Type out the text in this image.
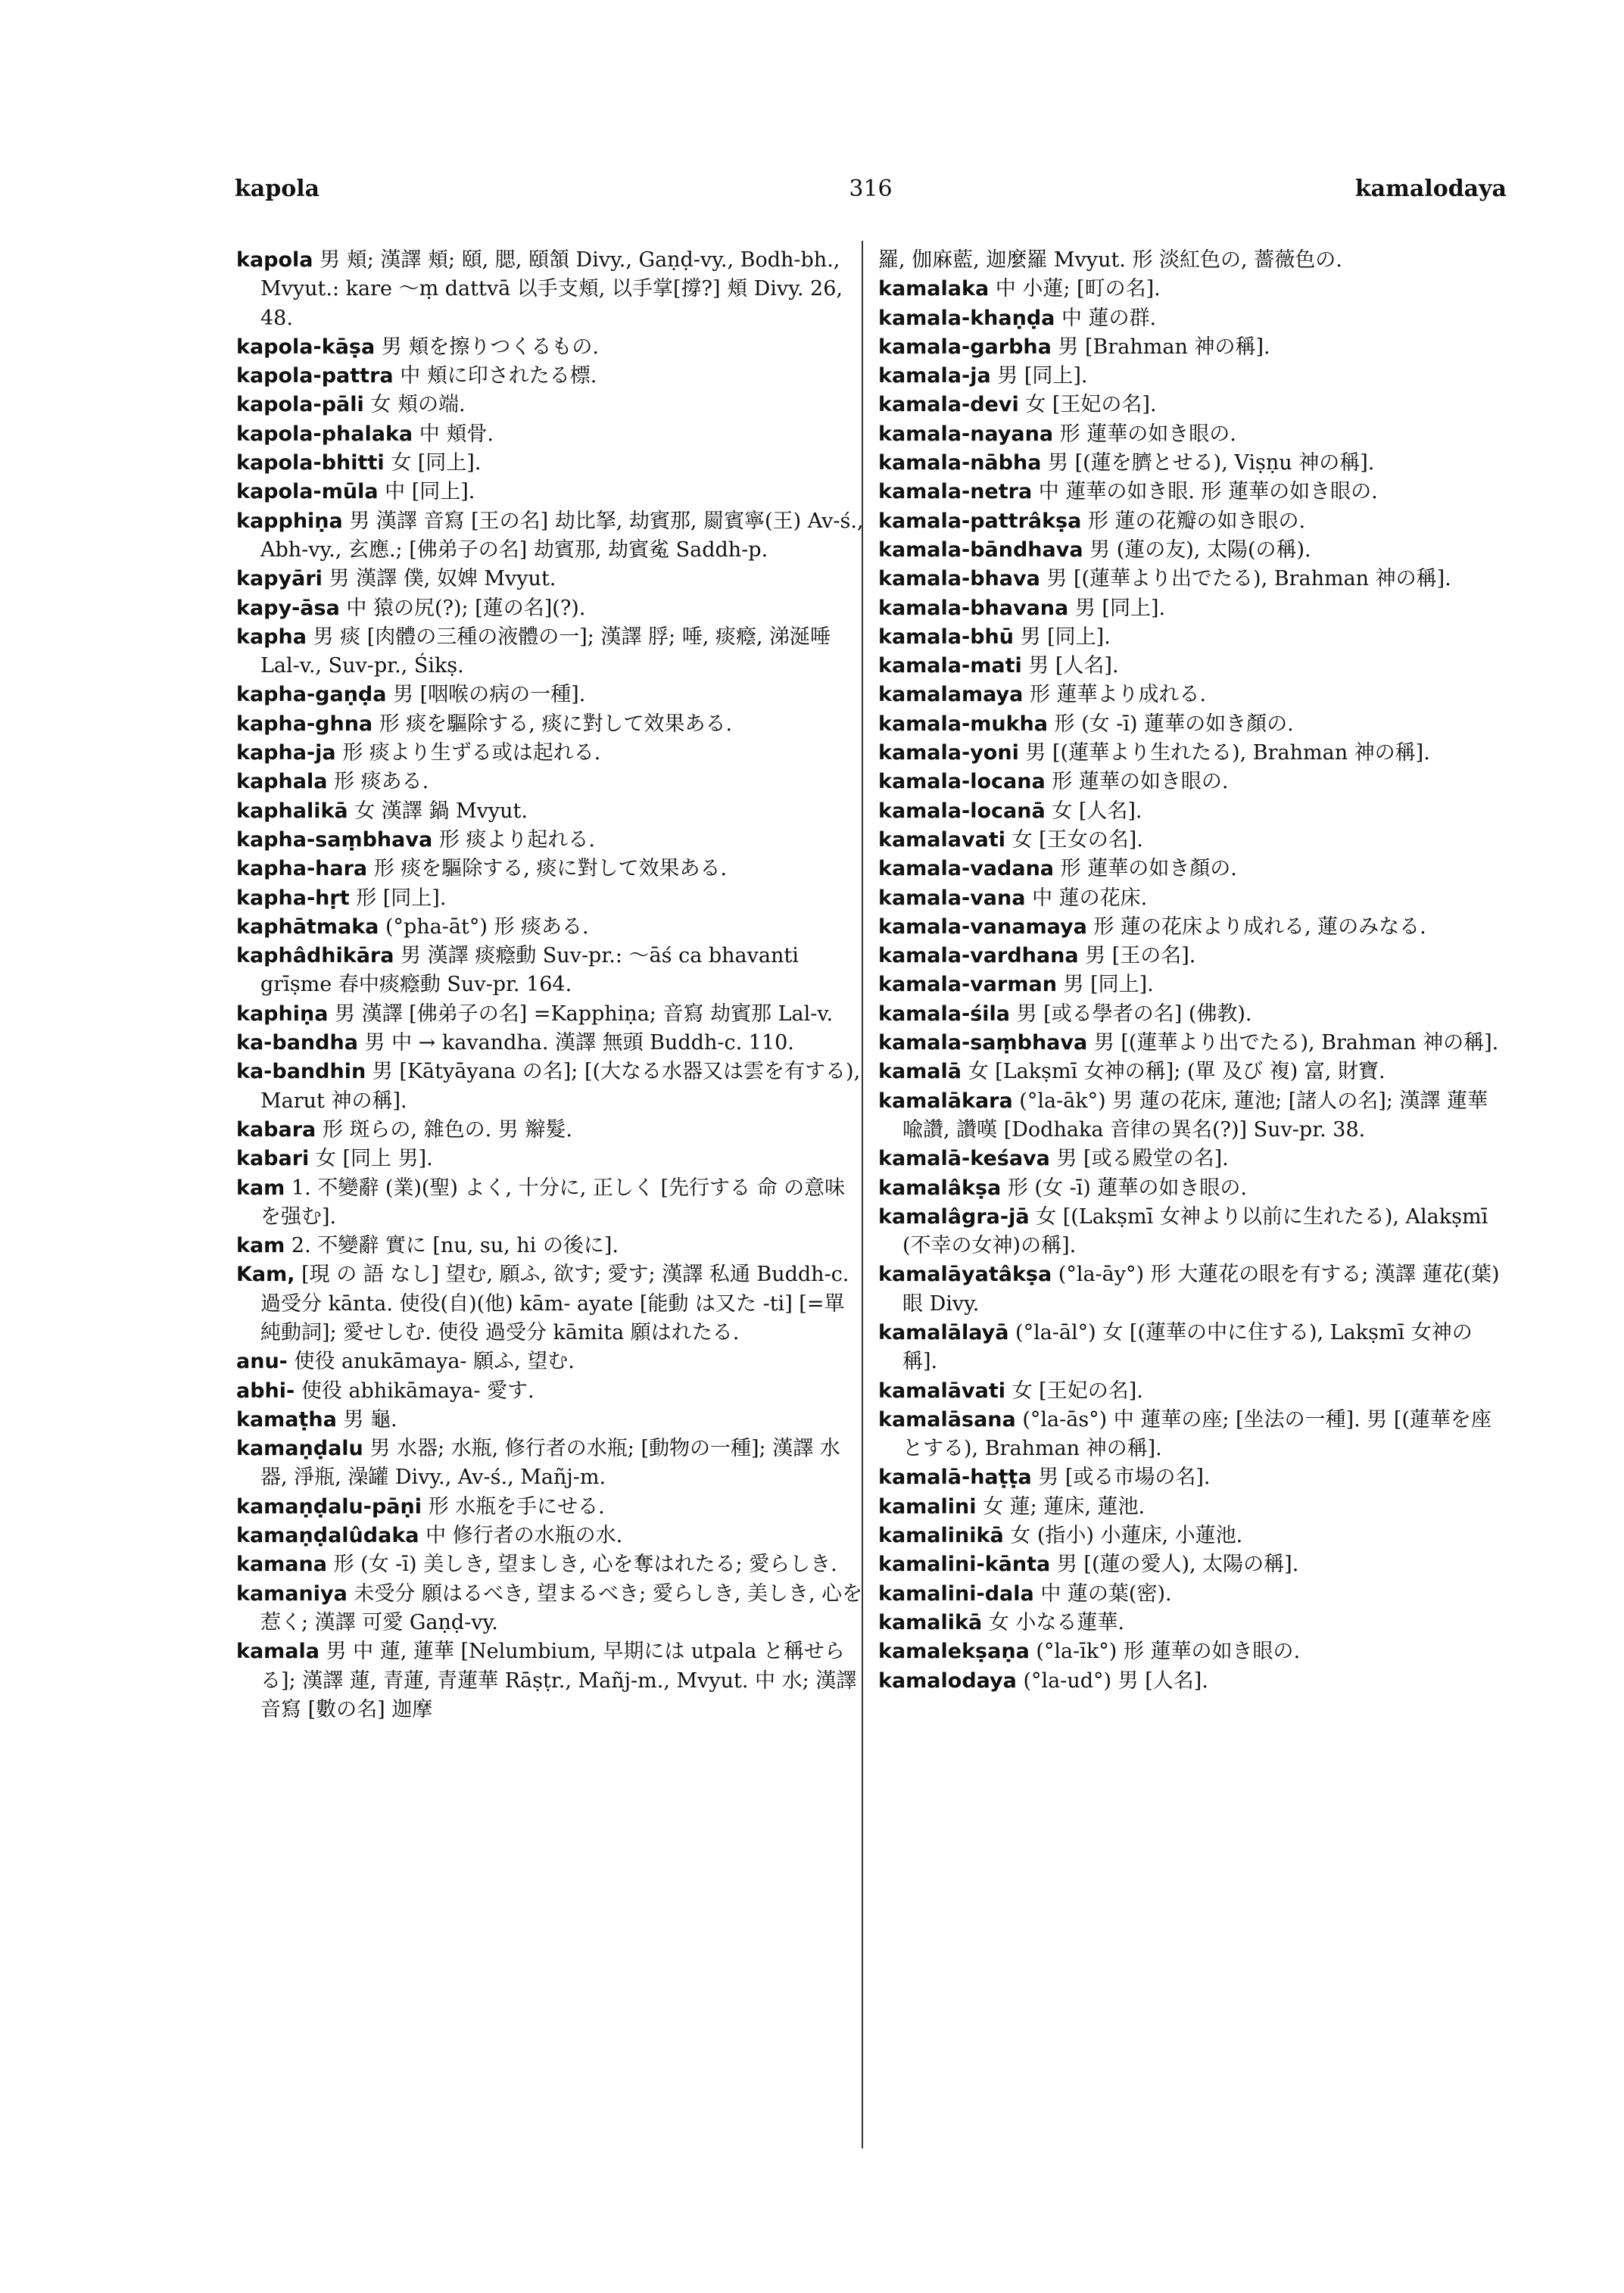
kapola	316	kamalodaya
kapola 男 頬; 漢譯 頬; 頤, 腮, 頤頷 Divy., Gaṇḍ-vy., Bodh-bh., Mvyut.: kare ～ṃ dattvā 以手支頬, 以手掌[撐?] 頬 Divy. 26, 48.
kapola-kāṣa 男 頬を擦りつくるもの.
kapola-pattra 中 頬に印されたる標.
kapola-pāli 女 頬の端.
kapola-phalaka 中 頬骨.
kapola-bhitti 女 [同上].
kapola-mūla 中 [同上].
kapphiṇa 男 漢譯 音寫 [王の名] 劫比拏, 劫賓那, 罽賓寧(王) Av-ś., Abh-vy., 玄應.; [佛弟子の名] 劫賓那, 劫賓㝹 Saddh-p.
kapyāri 男 漢譯 僕, 奴婢 Mvyut.
kapy-āsa 中 猿の尻(?); [蓮の名](?).
kapha 男 痰 [肉體の三種の液體の一]; 漢譯 脬; 唾, 痰癊, 涕涎唾 Lal-v., Suv-pr., Śikṣ.
kapha-gaṇḍa 男 [咽喉の病の一種].
kapha-ghna 形 痰を驅除する, 痰に對して效果ある.
kapha-ja 形 痰より生ずる或は起れる.
kaphala 形 痰ある.
kaphalikā 女 漢譯 鍋 Mvyut.
kapha-saṃbhava 形 痰より起れる.
kapha-hara 形 痰を驅除する, 痰に對して效果ある.
kapha-hṛt 形 [同上].
kaphātmaka (°pha-āt°) 形 痰ある.
kaphâdhikāra 男 漢譯 痰癊動 Suv-pr.: ～āś ca bhavanti grīṣme 春中痰癊動 Suv-pr. 164.
kaphiṇa 男 漢譯 [佛弟子の名] =Kapphiṇa; 音寫 劫賓那 Lal-v.
ka-bandha 男 中 → kavandha. 漢譯 無頭 Buddh-c. 110.
ka-bandhin 男 [Kātyāyana の名]; [(大なる水器又は雲を有する), Marut 神の稱].
kabara 形 斑らの, 雜色の. 男 辮髮.
kabari 女 [同上 男].
kam 1. 不變辭 (業)(聖) よく, 十分に, 正しく [先行する 命 の意味を强む].
kam 2. 不變辭 實に [nu, su, hi の後に].
Kam, [現 の 語 なし] 望む, 願ふ, 欲す; 愛す; 漢譯 私通 Buddh-c. 過受分 kānta. 使役(自)(他) kām- ayate [能動 は又た -ti] [=單純動詞]; 愛せしむ. 使役 過受分 kāmita 願はれたる.
anu- 使役 anukāmaya- 願ふ, 望む.
abhi- 使役 abhikāmaya- 愛す.
kamaṭha 男 龜.
kamaṇḍalu 男 水器; 水瓶, 修行者の水瓶; [動物の一種]; 漢譯 水器, 淨瓶, 澡罐 Divy., Av-ś., Mañj-m.
kamaṇḍalu-pāṇi 形 水瓶を手にせる.
kamaṇḍalûdaka 中 修行者の水瓶の水.
kamana 形 (女 -ī) 美しき, 望ましき, 心を奪はれたる; 愛らしき.
kamaniya 未受分 願はるべき, 望まるべき; 愛らしき, 美しき, 心を惹く; 漢譯 可愛 Gaṇḍ-vy.
kamala 男 中 蓮, 蓮華 [Nelumbium, 早期には utpala と稱せらる]; 漢譯 蓮, 青蓮, 青蓮華 Rāṣṭr., Mañj-m., Mvyut. 中 水; 漢譯 音寫 [數の名] 迦摩
羅, 伽麻藍, 迦麼羅 Mvyut. 形 淡紅色の, 薔薇色の.
kamalaka 中 小蓮; [町の名].
kamala-khaṇḍa 中 蓮の群.
kamala-garbha 男 [Brahman 神の稱].
kamala-ja 男 [同上].
kamala-devi 女 [王妃の名].
kamala-nayana 形 蓮華の如き眼の.
kamala-nābha 男 [(蓮を臍とせる), Viṣṇu 神の稱].
kamala-netra 中 蓮華の如き眼. 形 蓮華の如き眼の.
kamala-pattrâkṣa 形 蓮の花瓣の如き眼の.
kamala-bāndhava 男 (蓮の友), 太陽(の稱).
kamala-bhava 男 [(蓮華より出でたる), Brahman 神の稱].
kamala-bhavana 男 [同上].
kamala-bhū 男 [同上].
kamala-mati 男 [人名].
kamalamaya 形 蓮華より成れる.
kamala-mukha 形 (女 -ī) 蓮華の如き顏の.
kamala-yoni 男 [(蓮華より生れたる), Brahman 神の稱].
kamala-locana 形 蓮華の如き眼の.
kamala-locanā 女 [人名].
kamalavati 女 [王女の名].
kamala-vadana 形 蓮華の如き顏の.
kamala-vana 中 蓮の花床.
kamala-vanamaya 形 蓮の花床より成れる, 蓮のみなる.
kamala-vardhana 男 [王の名].
kamala-varman 男 [同上].
kamala-śila 男 [或る學者の名] (佛教).
kamala-saṃbhava 男 [(蓮華より出でたる), Brahman 神の稱].
kamalā 女 [Lakṣmī 女神の稱]; (單 及び 複) 富, 財寶.
kamalākara (°la-āk°) 男 蓮の花床, 蓮池; [諸人の名]; 漢譯 蓮華喩讚, 讚嘆 [Dodhaka 音律の異名(?)] Suv-pr. 38.
kamalā-keśava 男 [或る殿堂の名].
kamalâkṣa 形 (女 -ī) 蓮華の如き眼の.
kamalâgra-jā 女 [(Lakṣmī 女神より以前に生れたる), Alakṣmī (不幸の女神)の稱].
kamalāyatâkṣa (°la-āy°) 形 大蓮花の眼を有する; 漢譯 蓮花(葉)眼 Divy.
kamalālayā (°la-āl°) 女 [(蓮華の中に住する), Lakṣmī 女神の稱].
kamalāvati 女 [王妃の名].
kamalāsana (°la-ās°) 中 蓮華の座; [坐法の一種]. 男 [(蓮華を座とする), Brahman 神の稱].
kamalā-haṭṭa 男 [或る市場の名].
kamalini 女 蓮; 蓮床, 蓮池.
kamalinikā 女 (指小) 小蓮床, 小蓮池.
kamalini-kānta 男 [(蓮の愛人), 太陽の稱].
kamalini-dala 中 蓮の葉(密).
kamalikā 女 小なる蓮華.
kamalekṣaṇa (°la-īk°) 形 蓮華の如き眼の.
kamalodaya (°la-ud°) 男 [人名].
